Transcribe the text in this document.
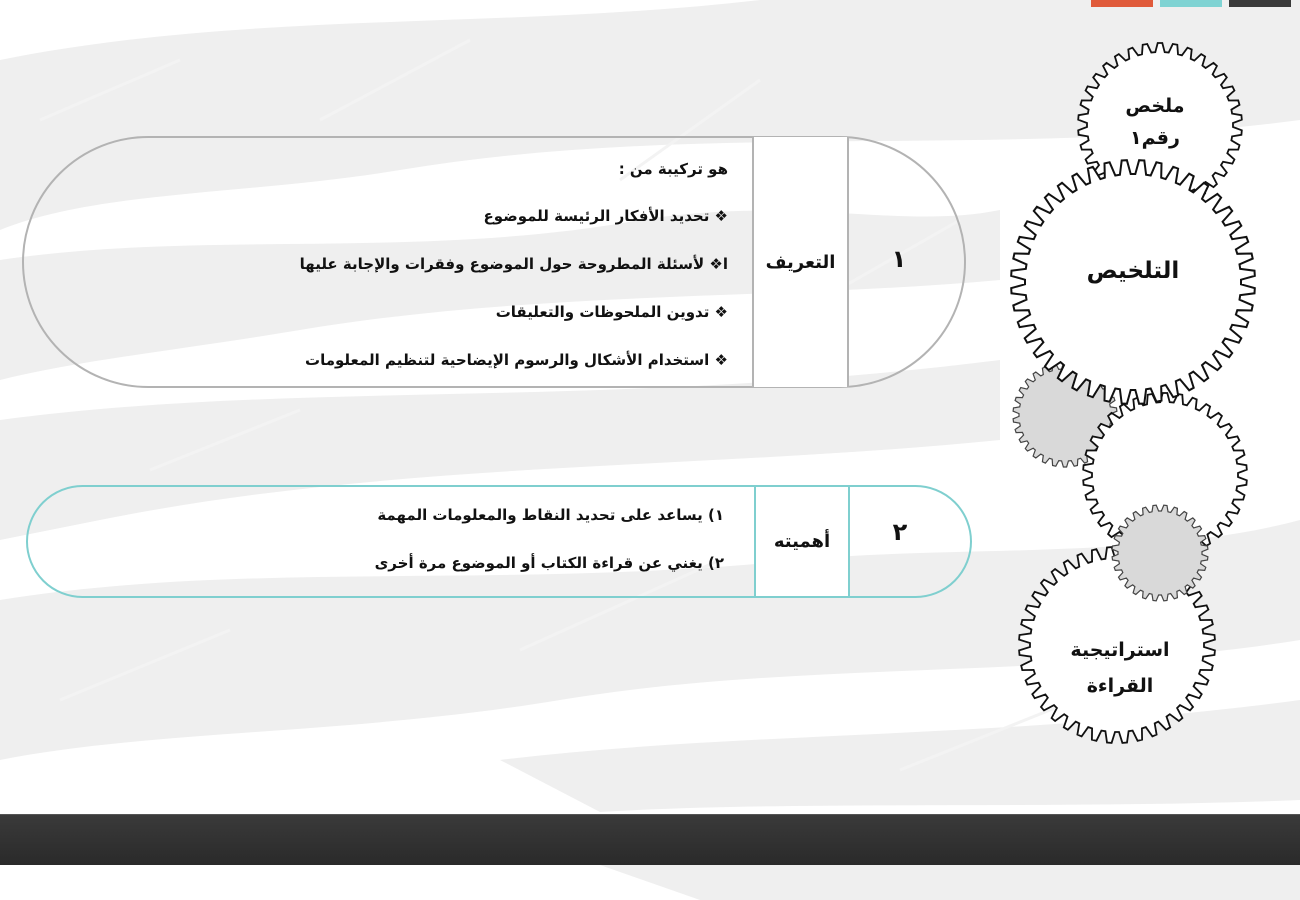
ملخص
رقم١
التلخيص
استراتيجية
القراءة
التعريف	١
هو تركيبة من :
❖ تحديد الأفكار الرئيسة للموضوع
ا❖ لأسئلة المطروحة حول الموضوع وفقرات والإجابة عليها
❖ تدوين الملحوظات والتعليقات
❖ استخدام الأشكال والرسوم الإيضاحية لتنظيم المعلومات
أهميته	٢
١) يساعد على تحديد النقاط والمعلومات المهمة
٢) يغني عن قراءة الكتاب أو الموضوع مرة أخرى
